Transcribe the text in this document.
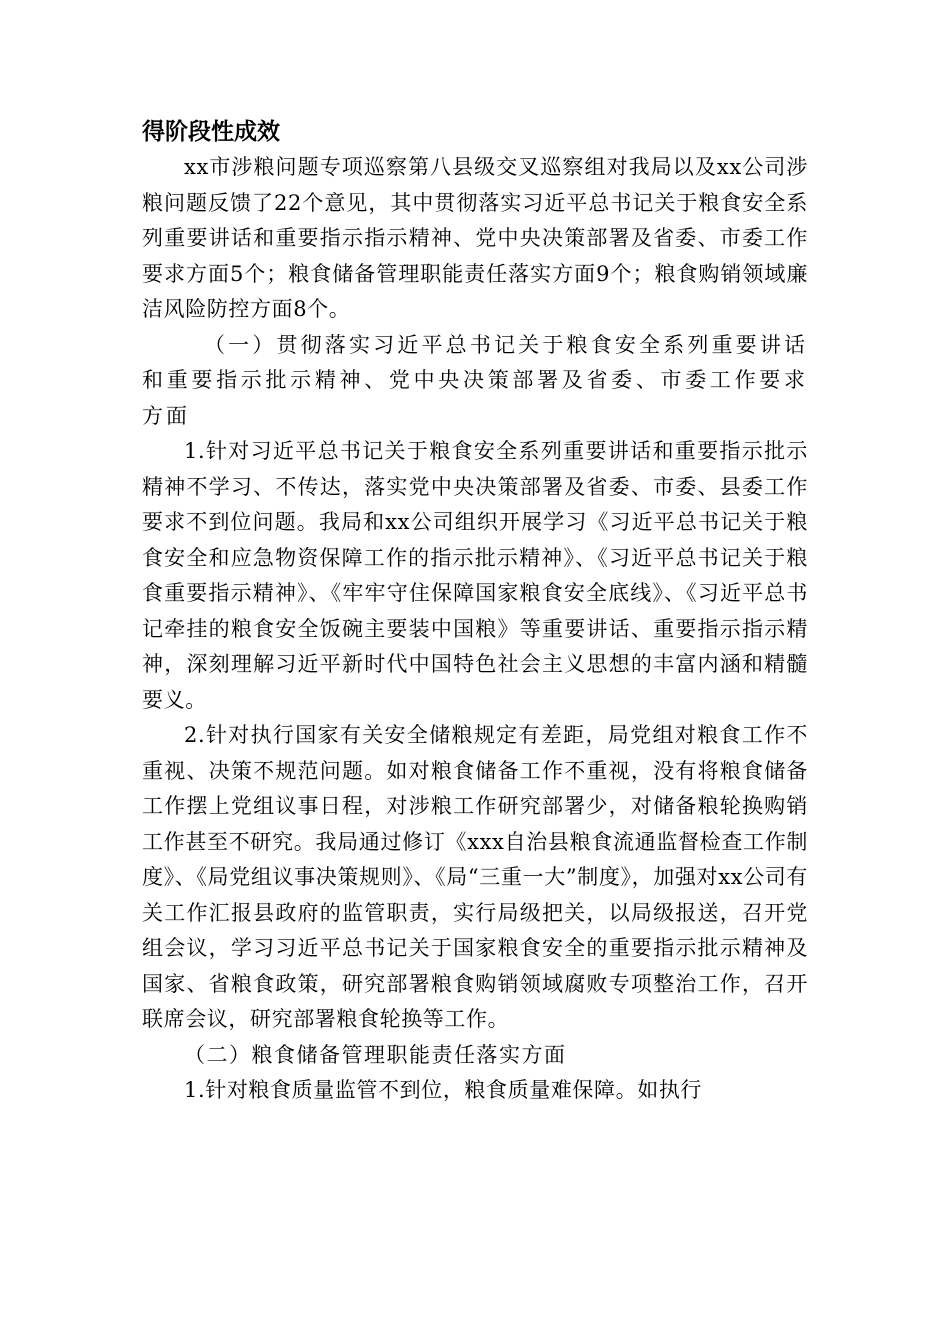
得阶段性成效

xx市涉粮问题专项巡察第八县级交叉巡察组对我局以及xx公司涉粮问题反馈了22个意见，其中贯彻落实习近平总书记关于粮食安全系列重要讲话和重要指示指示精神、党中央决策部署及省委、市委工作要求方面5个；粮食储备管理职能责任落实方面9个；粮食购销领域廉洁风险防控方面8个。

（一）贯彻落实习近平总书记关于粮食安全系列重要讲话和重要指示批示精神、党中央决策部署及省委、市委工作要求方面

1.针对习近平总书记关于粮食安全系列重要讲话和重要指示批示精神不学习、不传达，落实党中央决策部署及省委、市委、县委工作要求不到位问题。我局和xx公司组织开展学习《习近平总书记关于粮食安全和应急物资保障工作的指示批示精神》、《习近平总书记关于粮食重要指示精神》、《牢牢守住保障国家粮食安全底线》、《习近平总书记牵挂的粮食安全饭碗主要装中国粮》等重要讲话、重要指示指示精神，深刻理解习近平新时代中国特色社会主义思想的丰富内涵和精髓要义。

2.针对执行国家有关安全储粮规定有差距，局党组对粮食工作不重视、决策不规范问题。如对粮食储备工作不重视，没有将粮食储备工作摆上党组议事日程，对涉粮工作研究部署少，对储备粮轮换购销工作甚至不研究。我局通过修订《xxx自治县粮食流通监督检查工作制度》、《局党组议事决策规则》、《局“三重一大”制度》，加强对xx公司有关工作汇报县政府的监管职责，实行局级把关，以局级报送，召开党组会议，学习习近平总书记关于国家粮食安全的重要指示批示精神及国家、省粮食政策，研究部署粮食购销领域腐败专项整治工作，召开联席会议，研究部署粮食轮换等工作。

（二）粮食储备管理职能责任落实方面

1.针对粮食质量监管不到位，粮食质量难保障。如执行
